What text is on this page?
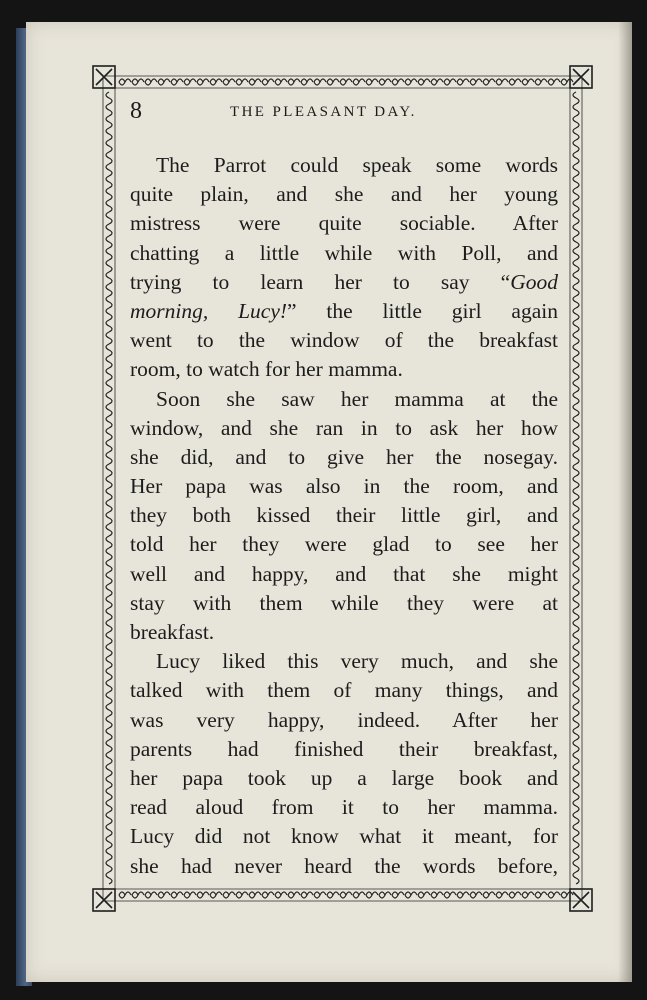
8	THE PLEASANT DAY.
The Parrot could speak some words
quite plain, and she and her young
mistress were quite sociable. After
chatting a little while with Poll, and
trying to learn her to say “Good
morning, Lucy!” the little girl again
went to the window of the breakfast
room, to watch for her mamma.
Soon she saw her mamma at the
window, and she ran in to ask her how
she did, and to give her the nosegay.
Her papa was also in the room, and
they both kissed their little girl, and
told her they were glad to see her
well and happy, and that she might
stay with them while they were at
breakfast.
Lucy liked this very much, and she
talked with them of many things, and
was very happy, indeed. After her
parents had finished their breakfast,
her papa took up a large book and
read aloud from it to her mamma.
Lucy did not know what it meant, for
she had never heard the words before,
